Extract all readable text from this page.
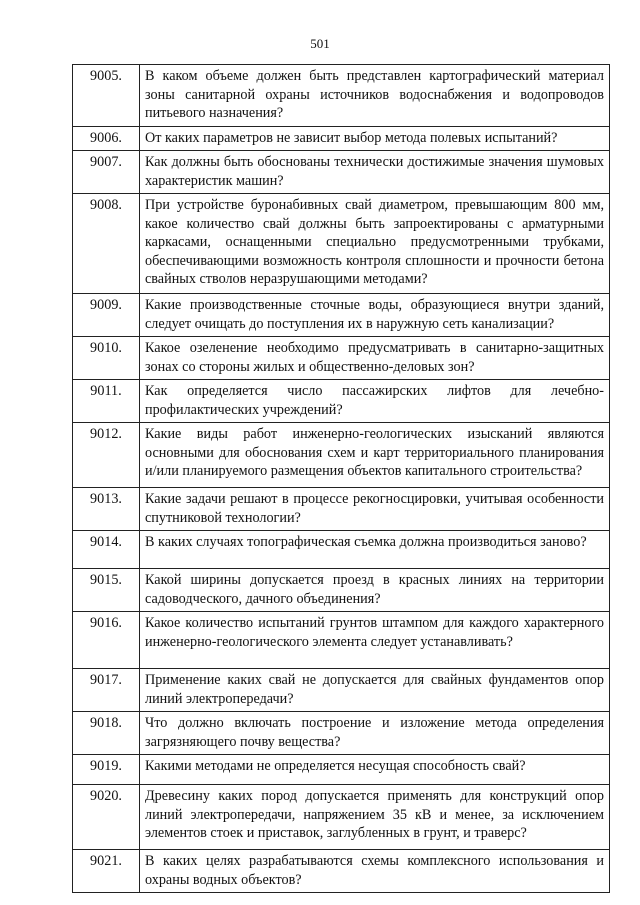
501
9005.	В каком объеме должен быть представлен картографический материал зоны санитарной охраны источников водоснабжения и водопроводов питьевого назначения?
9006.	От каких параметров не зависит выбор метода полевых испытаний?
9007.	Как должны быть обоснованы технически достижимые значения шумовых характеристик машин?
9008.	При устройстве буронабивных свай диаметром, превышающим 800 мм, какое количество свай должны быть запроектированы с арматурными каркасами, оснащенными специально предусмотренными трубками, обеспечивающими возможность контроля сплошности и прочности бетона свайных стволов неразрушающими методами?
9009.	Какие производственные сточные воды, образующиеся внутри зданий, следует очищать до поступления их в наружную сеть канализации?
9010.	Какое озеленение необходимо предусматривать в санитарно-защитных зонах со стороны жилых и общественно-деловых зон?
9011.	Как определяется число пассажирских лифтов для лечебно-профилактических учреждений?
9012.	Какие виды работ инженерно-геологических изысканий являются основными для обоснования схем и карт территориального планирования и/или планируемого размещения объектов капитального строительства?
9013.	Какие задачи решают в процессе рекогносцировки, учитывая особенности спутниковой технологии?
9014.	В каких случаях топографическая съемка должна производиться заново?
9015.	Какой ширины допускается проезд в красных линиях на территории садоводческого, дачного объединения?
9016.	Какое количество испытаний грунтов штампом для каждого характерного инженерно-геологического элемента следует устанавливать?
9017.	Применение каких свай не допускается для свайных фундаментов опор линий электропередачи?
9018.	Что должно включать построение и изложение метода определения загрязняющего почву вещества?
9019.	Какими методами не определяется несущая способность свай?
9020.	Древесину каких пород допускается применять для конструкций опор линий электропередачи, напряжением 35 кВ и менее, за исключением элементов стоек и приставок, заглубленных в грунт, и траверс?
9021.	В каких целях разрабатываются схемы комплексного использования и охраны водных объектов?
